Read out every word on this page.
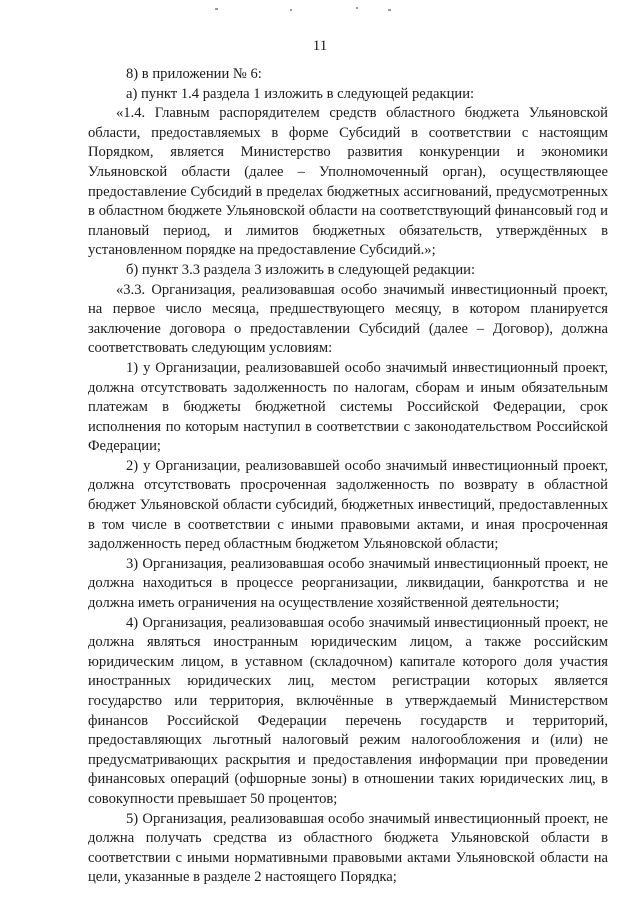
11

8) в приложении № 6:

а) пункт 1.4 раздела 1 изложить в следующей редакции:

«1.4. Главным распорядителем средств областного бюджета Ульяновской области, предоставляемых в форме Субсидий в соответствии с настоящим Порядком, является Министерство развития конкуренции и экономики Ульяновской области (далее – Уполномоченный орган), осуществляющее предоставление Субсидий в пределах бюджетных ассигнований, предусмотренных в областном бюджете Ульяновской области на соответствующий финансовый год и плановый период, и лимитов бюджетных обязательств, утверждённых в установленном порядке на предоставление Субсидий.»;

б) пункт 3.3 раздела 3 изложить в следующей редакции:

«3.3. Организация, реализовавшая особо значимый инвестиционный проект, на первое число месяца, предшествующего месяцу, в котором планируется заключение договора о предоставлении Субсидий (далее – Договор), должна соответствовать следующим условиям:

1) у Организации, реализовавшей особо значимый инвестиционный проект, должна отсутствовать задолженность по налогам, сборам и иным обязательным платежам в бюджеты бюджетной системы Российской Федерации, срок исполнения по которым наступил в соответствии с законодательством Российской Федерации;

2) у Организации, реализовавшей особо значимый инвестиционный проект, должна отсутствовать просроченная задолженность по возврату в областной бюджет Ульяновской области субсидий, бюджетных инвестиций, предоставленных в том числе в соответствии с иными правовыми актами, и иная просроченная задолженность перед областным бюджетом Ульяновской области;

3) Организация, реализовавшая особо значимый инвестиционный проект, не должна находиться в процессе реорганизации, ликвидации, банкротства и не должна иметь ограничения на осуществление хозяйственной деятельности;

4) Организация, реализовавшая особо значимый инвестиционный проект, не должна являться иностранным юридическим лицом, а также российским юридическим лицом, в уставном (складочном) капитале которого доля участия иностранных юридических лиц, местом регистрации которых является государство или территория, включённые в утверждаемый Министерством финансов Российской Федерации перечень государств и территорий, предоставляющих льготный налоговый режим налогообложения и (или) не предусматривающих раскрытия и предоставления информации при проведении финансовых операций (офшорные зоны) в отношении таких юридических лиц, в совокупности превышает 50 процентов;

5) Организация, реализовавшая особо значимый инвестиционный проект, не должна получать средства из областного бюджета Ульяновской области в соответствии с иными нормативными правовыми актами Ульяновской области на цели, указанные в разделе 2 настоящего Порядка;
